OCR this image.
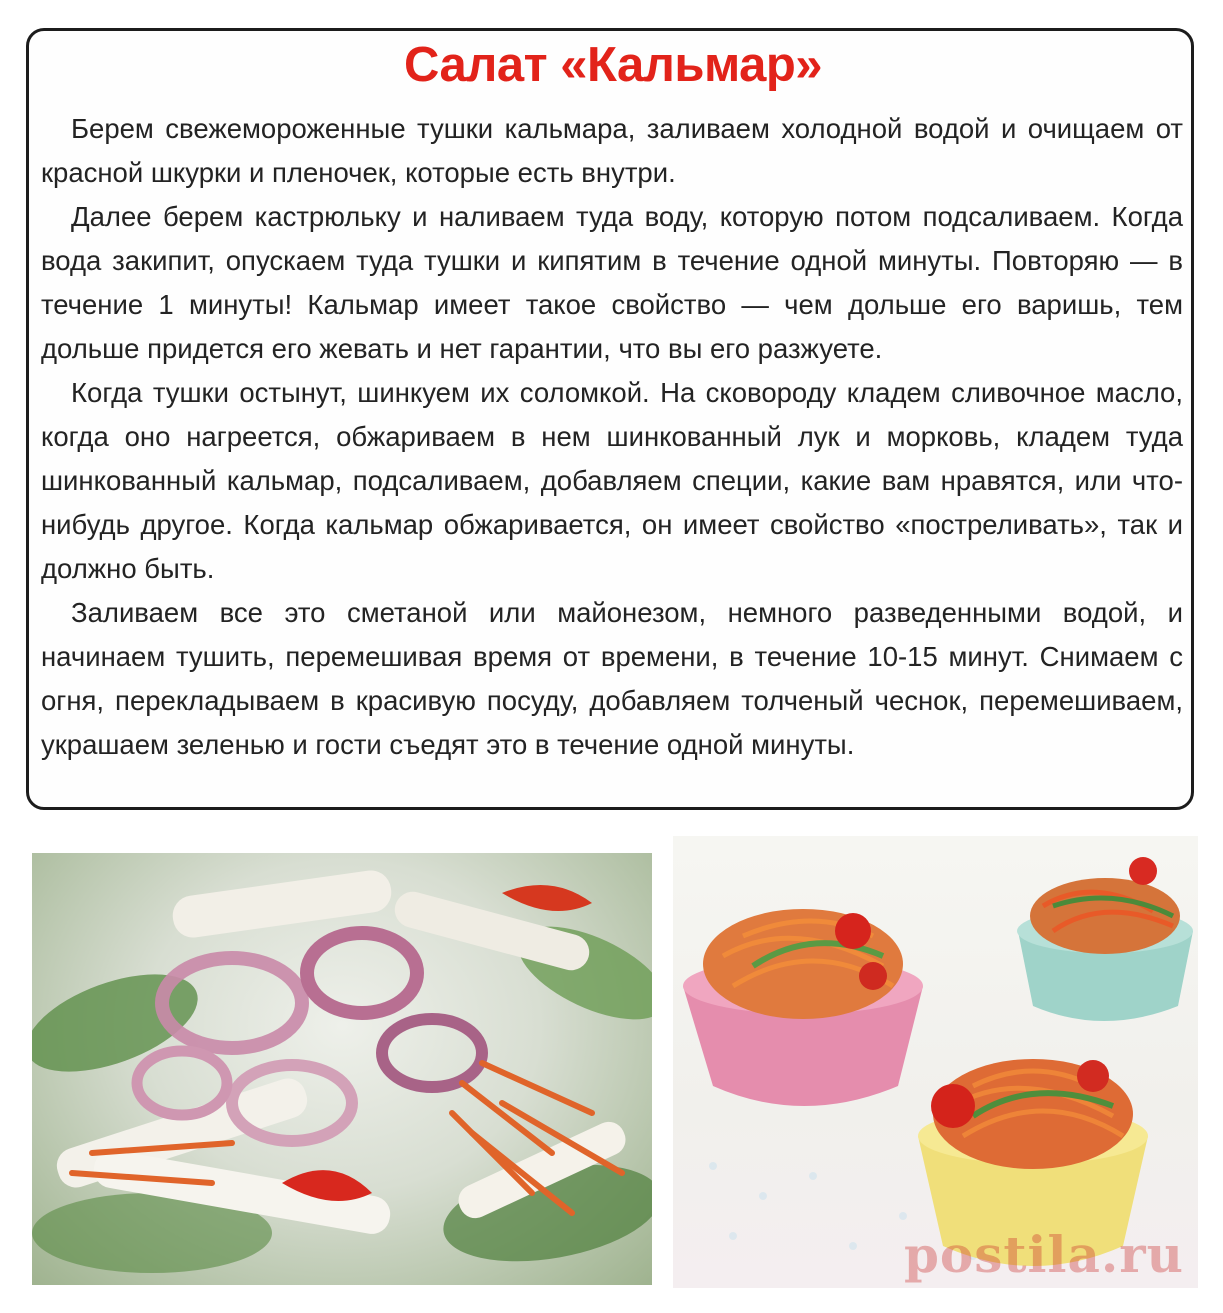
Салат «Кальмар»

Берем свежемороженные тушки кальмара, заливаем холодной водой и очищаем от красной шкурки и пленочек, которые есть внутри.

Далее берем кастрюльку и наливаем туда воду, которую потом подсаливаем. Когда вода закипит, опускаем туда тушки и кипятим в течение одной минуты. Повторяю — в течение 1 минуты! Кальмар имеет такое свойство — чем дольше его варишь, тем дольше придется его жевать и нет гарантии, что вы его разжуете.

Когда тушки остынут, шинкуем их соломкой. На сковороду кладем сливочное масло, когда оно нагреется, обжариваем в нем шинкованный лук и морковь, кладем туда шинкованный кальмар, подсаливаем, добавляем специи, какие вам нравятся, или что-нибудь другое. Когда кальмар обжаривается, он имеет свойство «постреливать», так и должно быть.

Заливаем все это сметаной или майонезом, немного разведенными водой, и начинаем тушить, перемешивая время от времени, в течение 10-15 минут. Снимаем с огня, перекладываем в красивую посуду, добавляем толченый чеснок, перемешиваем, украшаем зеленью и гости съедят это в течение одной минуты.

postila.ru
